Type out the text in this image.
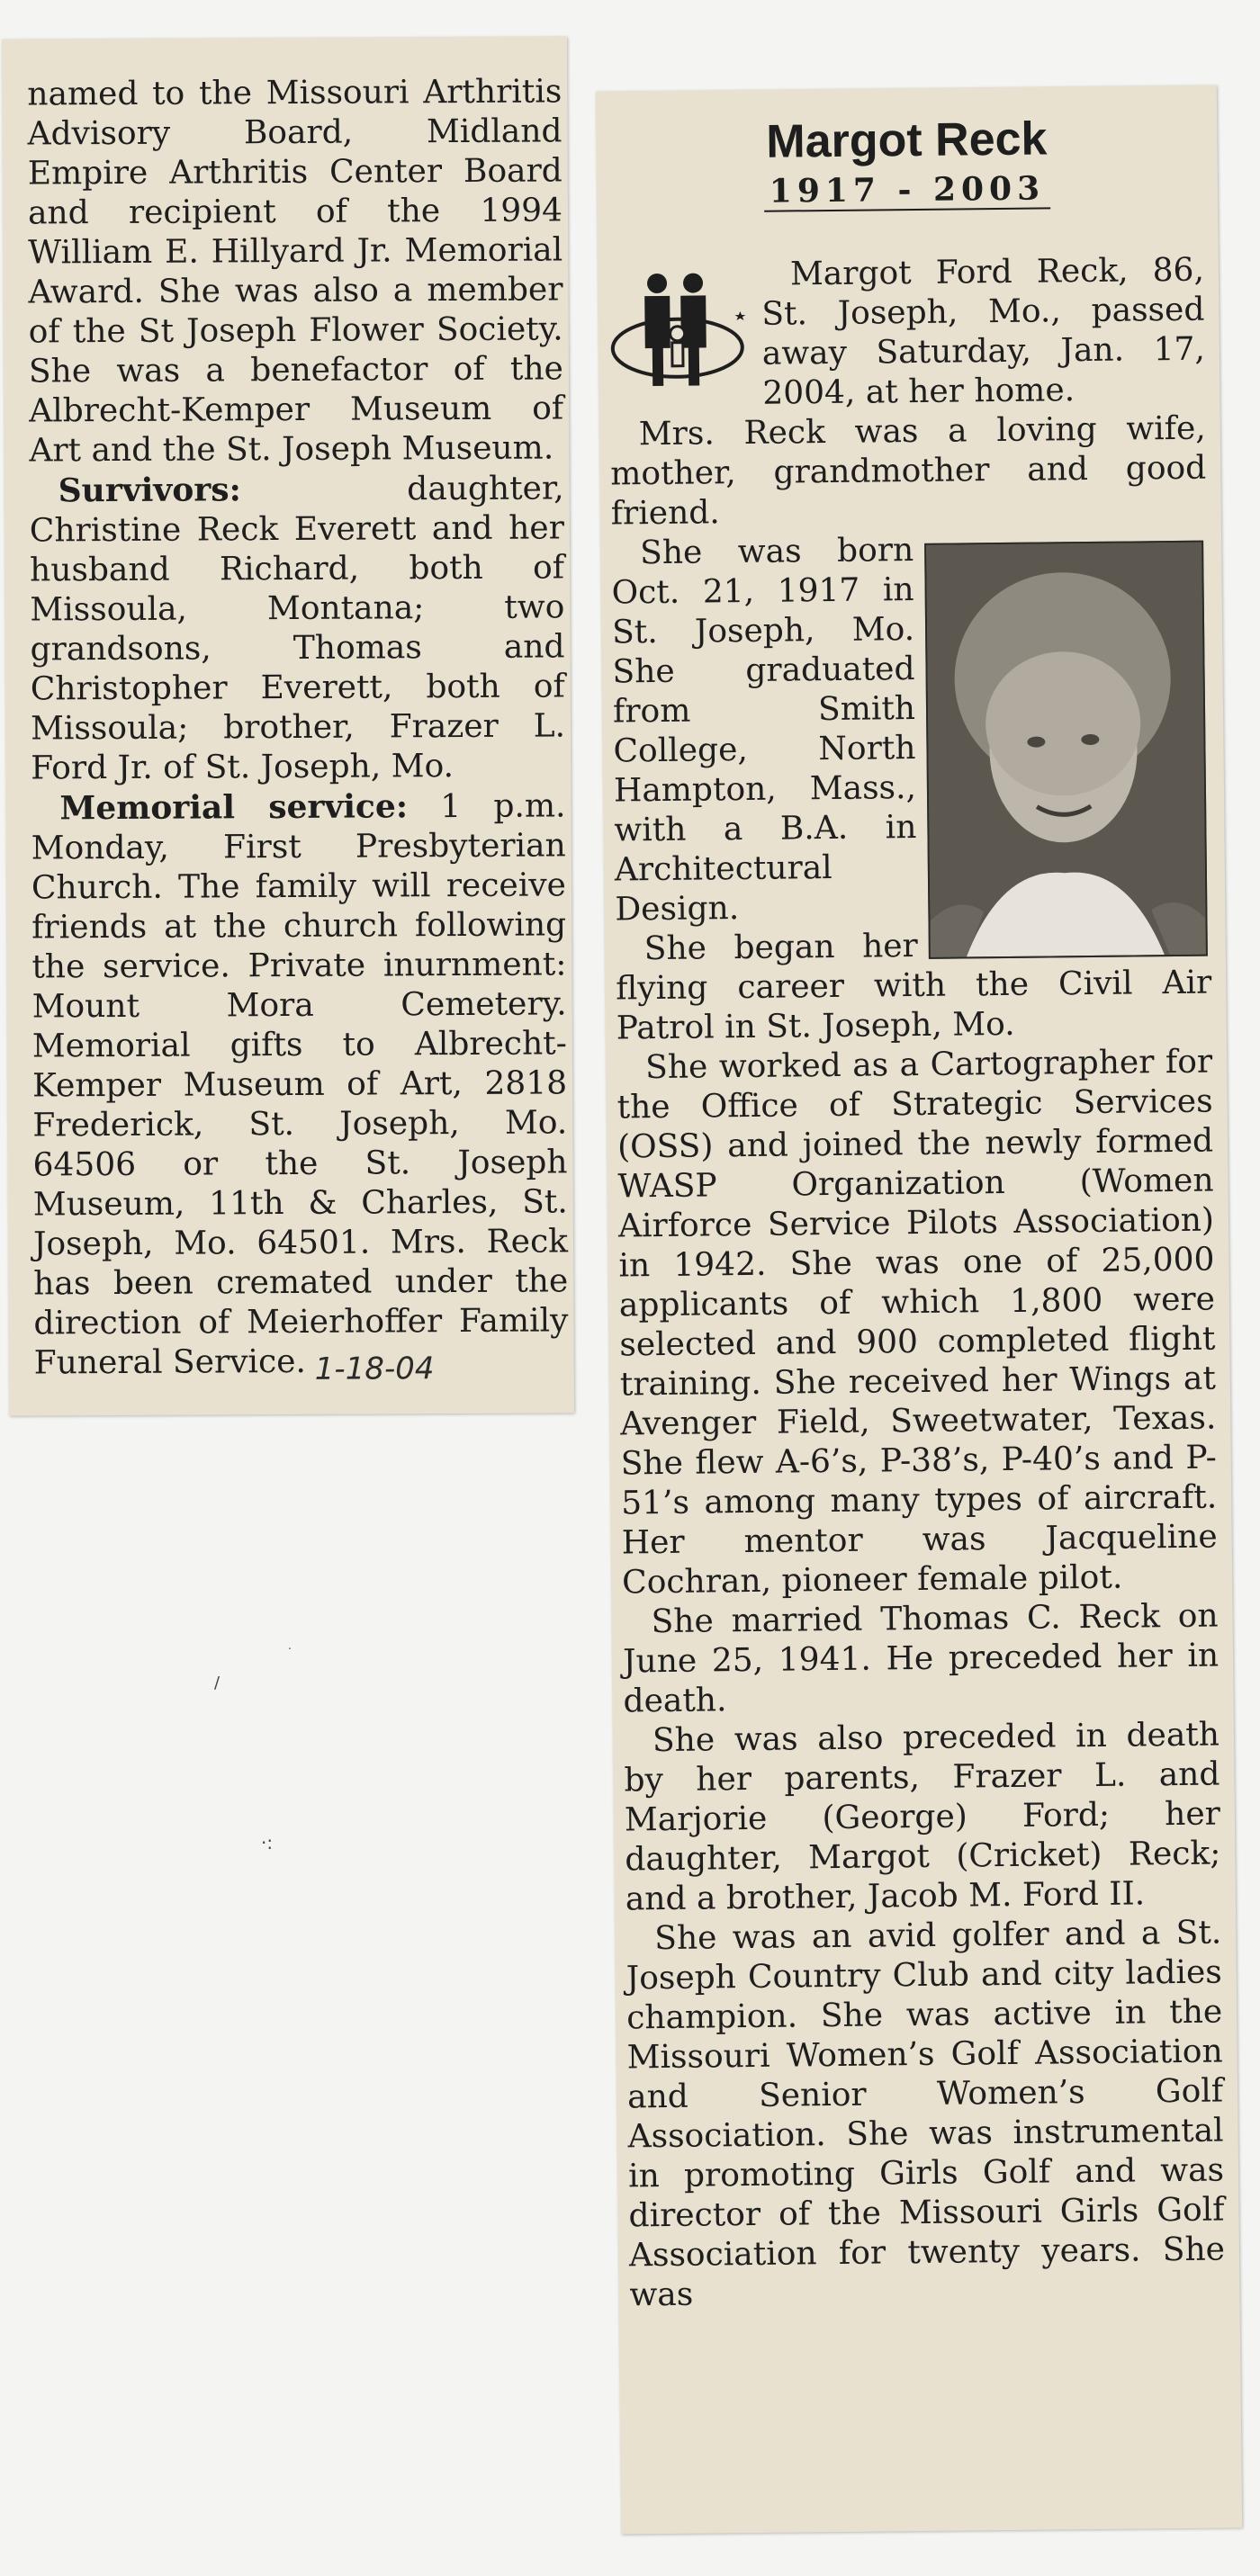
named to the Missouri Arthritis Advisory Board, Midland Empire Arthritis Center Board and recipient of the 1994 William E. Hillyard Jr. Memorial Award. She was also a member of the St Joseph Flower Society. She was a benefactor of the Albrecht-Kemper Museum of Art and the St. Joseph Museum.

Survivors:	daughter, Christine Reck Everett and her husband Richard, both of Missoula, Montana; two grandsons, Thomas and Christopher Everett, both of Missoula; brother, Frazer L. Ford Jr. of St. Joseph, Mo.

Memorial service: 1 p.m. Monday, First Presbyterian Church. The family will receive friends at the church following the service. Private inurnment: Mount Mora Cemetery. Memorial gifts to Albrecht-Kemper Museum of Art, 2818 Frederick, St. Joseph, Mo. 64506 or the St. Joseph Museum, 11th & Charles, St. Joseph, Mo. 64501. Mrs. Reck has been cremated under the direction of Meierhoffer Family Funeral Service. 1-18-04
Margot Reck
1917 - 2003

Margot Ford Reck, 86, St. Joseph, Mo., passed away Saturday, Jan. 17, 2004, at her home.

Mrs. Reck was a loving wife, mother, grandmother and good friend.

She was born Oct. 21, 1917 in St. Joseph, Mo. She graduated from Smith College, North Hampton, Mass., with a B.A. in Architectural Design.

She began her flying career with the Civil Air Patrol in St. Joseph, Mo.

She worked as a Cartographer for the Office of Strategic Services (OSS) and joined the newly formed WASP Organization (Women Airforce Service Pilots Association) in 1942. She was one of 25,000 applicants of which 1,800 were selected and 900 completed flight training. She received her Wings at Avenger Field, Sweetwater, Texas. She flew A-6’s, P-38’s, P-40’s and P-51’s among many types of aircraft. Her mentor was Jacqueline Cochran, pioneer female pilot.

She married Thomas C. Reck on June 25, 1941. He preceded her in death.

She was also preceded in death by her parents, Frazer L. and Marjorie (George) Ford; her daughter, Margot (Cricket) Reck; and a brother, Jacob M. Ford II.

She was an avid golfer and a St. Joseph Country Club and city ladies champion. She was active in the Missouri Women’s Golf Association and Senior Women’s Golf Association. She was instrumental in promoting Girls Golf and was director of the Missouri Girls Golf Association for twenty years. She was

/
·:
.
